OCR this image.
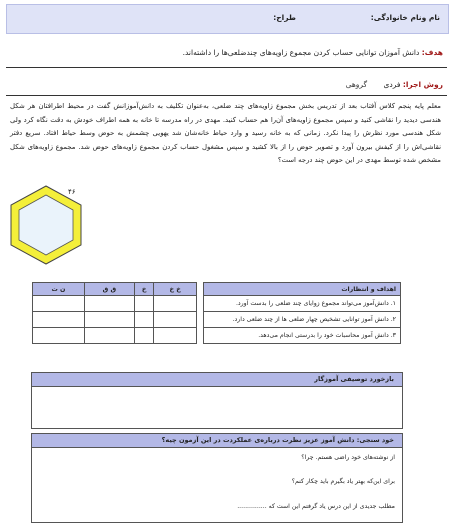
نام ونام خانوادگی:
طراح:
هدف: دانش آموزان توانایی حساب کردن مجموع زاویه‌های چندضلعی‌ها را داشته‌اند.
روش اجرا: فردی گروهی
معلم پایه پنجم کلاس آفتاب بعد از تدریس بخش مجموع زاویه‌های چند ضلعی، به‌عنوان تکلیف به دانش‌آموزانش گفت در محیط اطرافتان هر شکل هندسی دیدید را نقاشی کنید و سپس مجموع زاویه‌های آن‌را هم حساب کنید. مهدی در راه مدرسه تا خانه به همه اطراف خودش به دقت نگاه کرد ولی شکل هندسی مورد نظرش را پیدا نکرد. زمانی که به خانه رسید و وارد حیاط خانه‌شان شد یهویی چشمش به حوض وسط حیاط افتاد. سریع دفتر نقاشی‌اش را از کیفش بیرون آورد و تصویر حوض را از بالا کشید و سپس مشغول حساب کردن مجموع زاویه‌های حوض شد. مجموع زاویه‌های شکل مشخص شده توسط مهدی در این حوض چند درجه است؟
۴۶
ن ت	ق ق	خ	خ خ

				اهداف و انتظارات
۱. دانش‌آموز می‌تواند مجموع زوایای چند ضلعی را بدست آورد.
۲. دانش آموز توانایی تشخیص چهار ضلعی ها از چند ضلعی دارد.
۳. دانش آموز محاسبات خود را بدرستی انجام می‌دهد.
بازخورد توصیفی آموزگار
خود سنجی: دانش آموز عزیز نظرت درباره‌ی عملکردت در این آزمون چیه؟
از نوشته‌های خود راضی هستم. چرا؟
برای این‌که بهتر یاد بگیرم باید چکار کنم؟
مطلب جدیدی از این درس یاد گرفتم این است که ...............
